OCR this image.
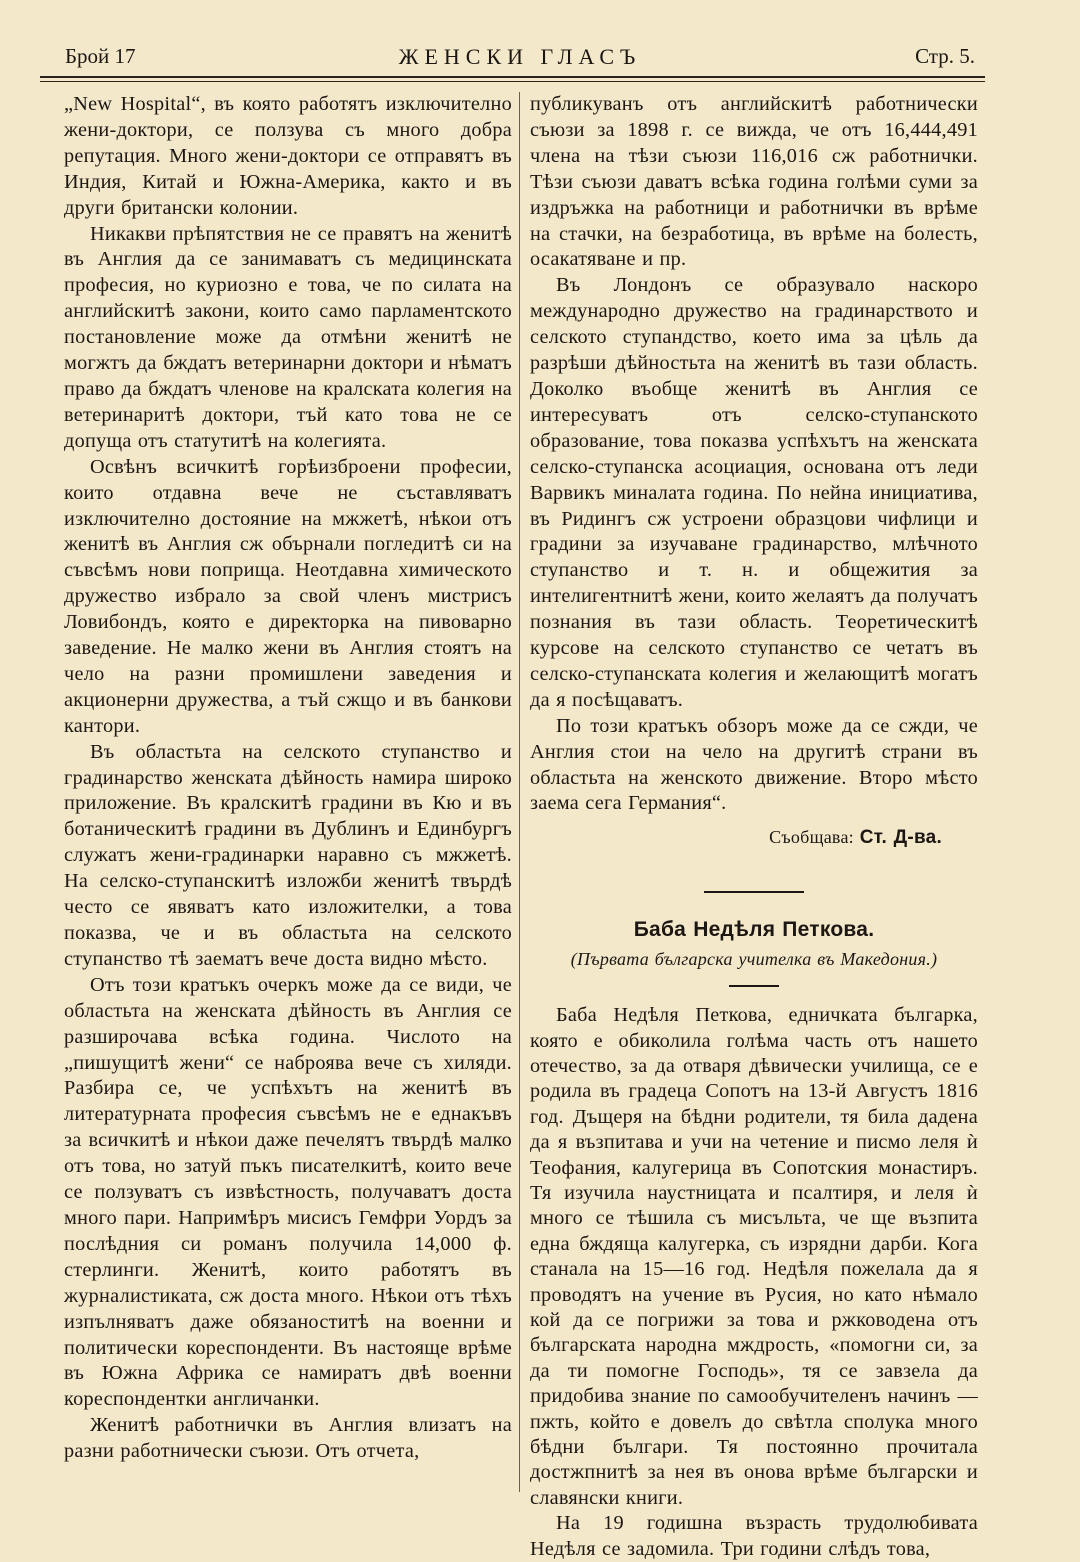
Брой 17	ЖЕНСКИ ГЛАСЪ	Стр. 5.

„New Hospital“, въ която работятъ изключително жени-доктори, се ползува съ много добра репутация. Много жени-доктори се отправятъ въ Индия, Китай и Южна-Америка, както и въ други британски колонии.

Никакви прѣпятствия не се правятъ на женитѣ въ Англия да се занимаватъ съ медицинската професия, но куриозно е това, че по силата на английскитѣ закони, които само парламентското постановление може да отмѣни женитѣ не могжтъ да бждатъ ветеринарни доктори и нѣматъ право да бждатъ членове на кралската колегия на ветеринаритѣ доктори, тъй като това не се допуща отъ статутитѣ на колегията.

Освѣнъ всичкитѣ горѣизброени професии, които отдавна вече не съставляватъ изключително достояние на мжжетѣ, нѣкои отъ женитѣ въ Англия сж обърнали погледитѣ си на съвсѣмъ нови поприща. Неотдавна химическото дружество избрало за свой членъ мистрисъ Ловибондъ, която е директорка на пивоварно заведение. Не малко жени въ Англия стоятъ на чело на разни промишлени заведения и акционерни дружества, а тъй сжщо и въ банкови кантори.

Въ областьта на селското ступанство и градинарство женската дѣйность намира широко приложение. Въ кралскитѣ градини въ Кю и въ ботаническитѣ градини въ Дублинъ и Единбургъ служатъ жени-градинарки наравно съ мжжетѣ. На селско-ступанскитѣ изложби женитѣ твърдѣ често се явяватъ като изложителки, а това показва, че и въ областьта на селското ступанство тѣ заематъ вече доста видно мѣсто.

Отъ този кратъкъ очеркъ може да се види, че областьта на женската дѣйность въ Англия се разширочава всѣка година. Числото на „пишущитѣ жени“ се наброява вече съ хиляди. Разбира се, че успѣхътъ на женитѣ въ литературната професия съвсѣмъ не е еднакъвъ за всичкитѣ и нѣкои даже печелятъ твърдѣ малко отъ това, но затуй пъкъ писателкитѣ, които вече се ползуватъ съ извѣстность, получаватъ доста много пари. Напримѣръ мисисъ Гемфри Уордъ за послѣдния си романъ получила 14,000 ф. стерлинги. Женитѣ, които работятъ въ журналистиката, сж доста много. Нѣкои отъ тѣхъ изпълняватъ даже обязаноститѣ на военни и политически кореспонденти. Въ настояще врѣме въ Южна Африка се намиратъ двѣ военни кореспондентки англичанки.

Женитѣ работнички въ Англия влизатъ на разни работнически съюзи. Отъ отчета,

публикуванъ отъ английскитѣ работнически съюзи за 1898 г. се вижда, че отъ 16,444,491 члена на тѣзи съюзи 116,016 сж работнички. Тѣзи съюзи даватъ всѣка година голѣми суми за издръжка на работници и работнички въ врѣме на стачки, на безработица, въ врѣме на болесть, осакатяване и пр.

Въ Лондонъ се образувало наскоро международно дружество на градинарството и селското ступандство, което има за цѣль да разрѣши дѣйностьта на женитѣ въ тази область. Доколко въобще женитѣ въ Англия се интересуватъ отъ селско-ступанското образование, това показва успѣхътъ на женската селско-ступанска асоциация, основана отъ леди Варвикъ миналата година. По нейна инициатива, въ Ридингъ сж устроени образцови чифлици и градини за изучаване градинарство, млѣчното ступанство и т. н. и общежития за интелигентнитѣ жени, които желаятъ да получатъ познания въ тази область. Теоретическитѣ курсове на селското ступанство се четатъ въ селско-ступанската колегия и желающитѣ могатъ да я посѣщаватъ.

По този кратъкъ обзоръ може да се сжди, че Англия стои на чело на другитѣ страни въ областьта на женското движение. Второ мѣсто заема сега Германия“.

Съобщава: Ст. Д-ва.
Баба Недѣля Петкова.
(Първата българска учителка въ Македония.)

Баба Недѣля Петкова, едничката българка, която е обиколила голѣма часть отъ нашето отечество, за да отваря дѣвически училища, се е родила въ градеца Сопотъ на 13-й Августъ 1816 год. Дъщеря на бѣдни родители, тя била дадена да я възпитава и учи на четение и писмо леля ѝ Теофания, калугерица въ Сопотския монастиръ. Тя изучила наустницата и псалтиря, и леля ѝ много се тѣшила съ мисъльта, че ще възпита една бждяща калугерка, съ изрядни дарби. Кога станала на 15—16 год. Недѣля пожелала да я проводятъ на учение въ Русия, но като нѣмало кой да се погрижи за това и ржководена отъ българската народна мждрость, «помогни си, за да ти помогне Господь», тя се завзела да придобива знание по самообучителенъ начинъ — пжть, който е довелъ до свѣтла сполука много бѣдни българи. Тя постоянно прочитала достжпнитѣ за нея въ онова врѣме български и славянски книги.

На 19 годишна възрасть трудолюбивата Недѣля се задомила. Три години слѣдъ това,
